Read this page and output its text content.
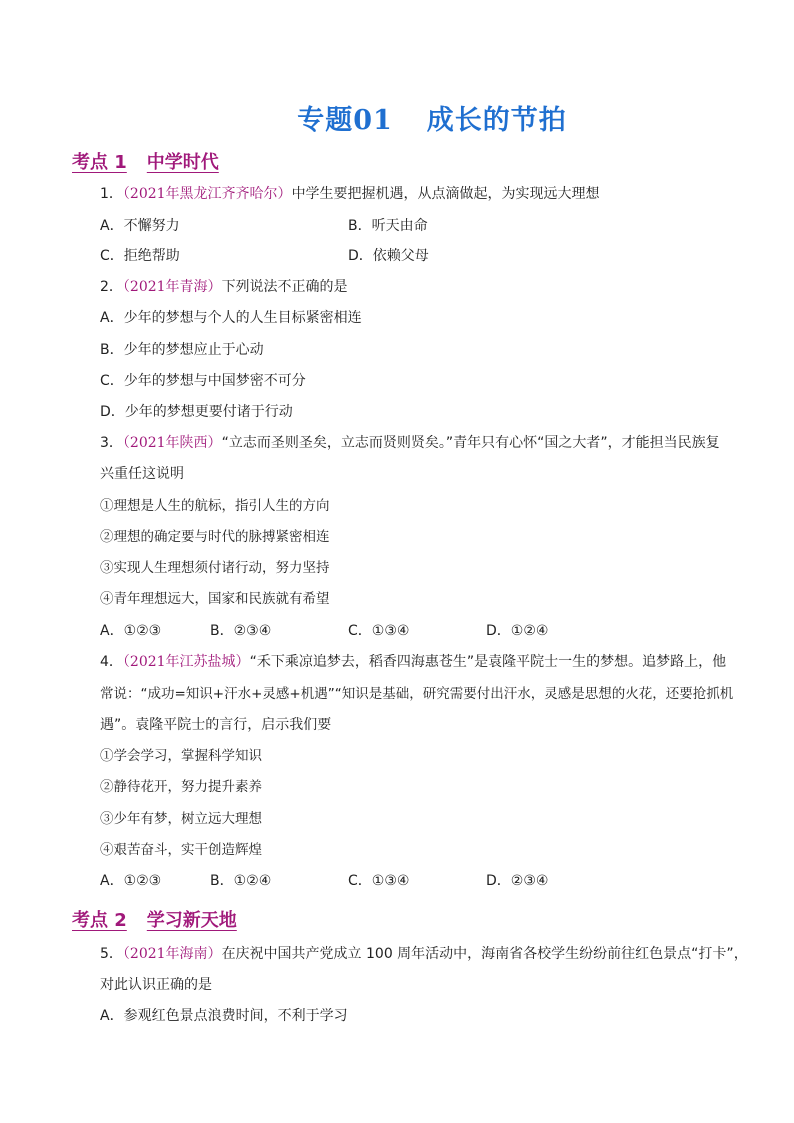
专题01 成长的节拍
考点 1 中学时代
1．（2021年黑龙江齐齐哈尔）中学生要把握机遇，从点滴做起，为实现远大理想
A．不懈努力	B．听天由命
C．拒绝帮助	D．依赖父母
2．（2021年青海）下列说法不正确的是
A．少年的梦想与个人的人生目标紧密相连
B．少年的梦想应止于心动
C．少年的梦想与中国梦密不可分
D．少年的梦想更要付诸于行动
3．（2021年陕西）“立志而圣则圣矣，立志而贤则贤矣。”青年只有心怀“国之大者”，才能担当民族复
兴重任这说明
①理想是人生的航标，指引人生的方向
②理想的确定要与时代的脉搏紧密相连
③实现人生理想须付诸行动，努力坚持
④青年理想远大，国家和民族就有希望
A．①②③	B．②③④	C．①③④	D．①②④
4．（2021年江苏盐城）“禾下乘凉追梦去，稻香四海惠苍生”是袁隆平院士一生的梦想。追梦路上，他
常说：“成功=知识+汗水+灵感+机遇”“知识是基础，研究需要付出汗水，灵感是思想的火花，还要抢抓机
遇”。袁隆平院士的言行，启示我们要
①学会学习，掌握科学知识
②静待花开，努力提升素养
③少年有梦，树立远大理想
④艰苦奋斗，实干创造辉煌
A．①②③	B．①②④	C．①③④	D．②③④
考点 2 学习新天地
5．（2021年海南）在庆祝中国共产党成立 100 周年活动中，海南省各校学生纷纷前往红色景点“打卡”，
对此认识正确的是
A．参观红色景点浪费时间，不利于学习
